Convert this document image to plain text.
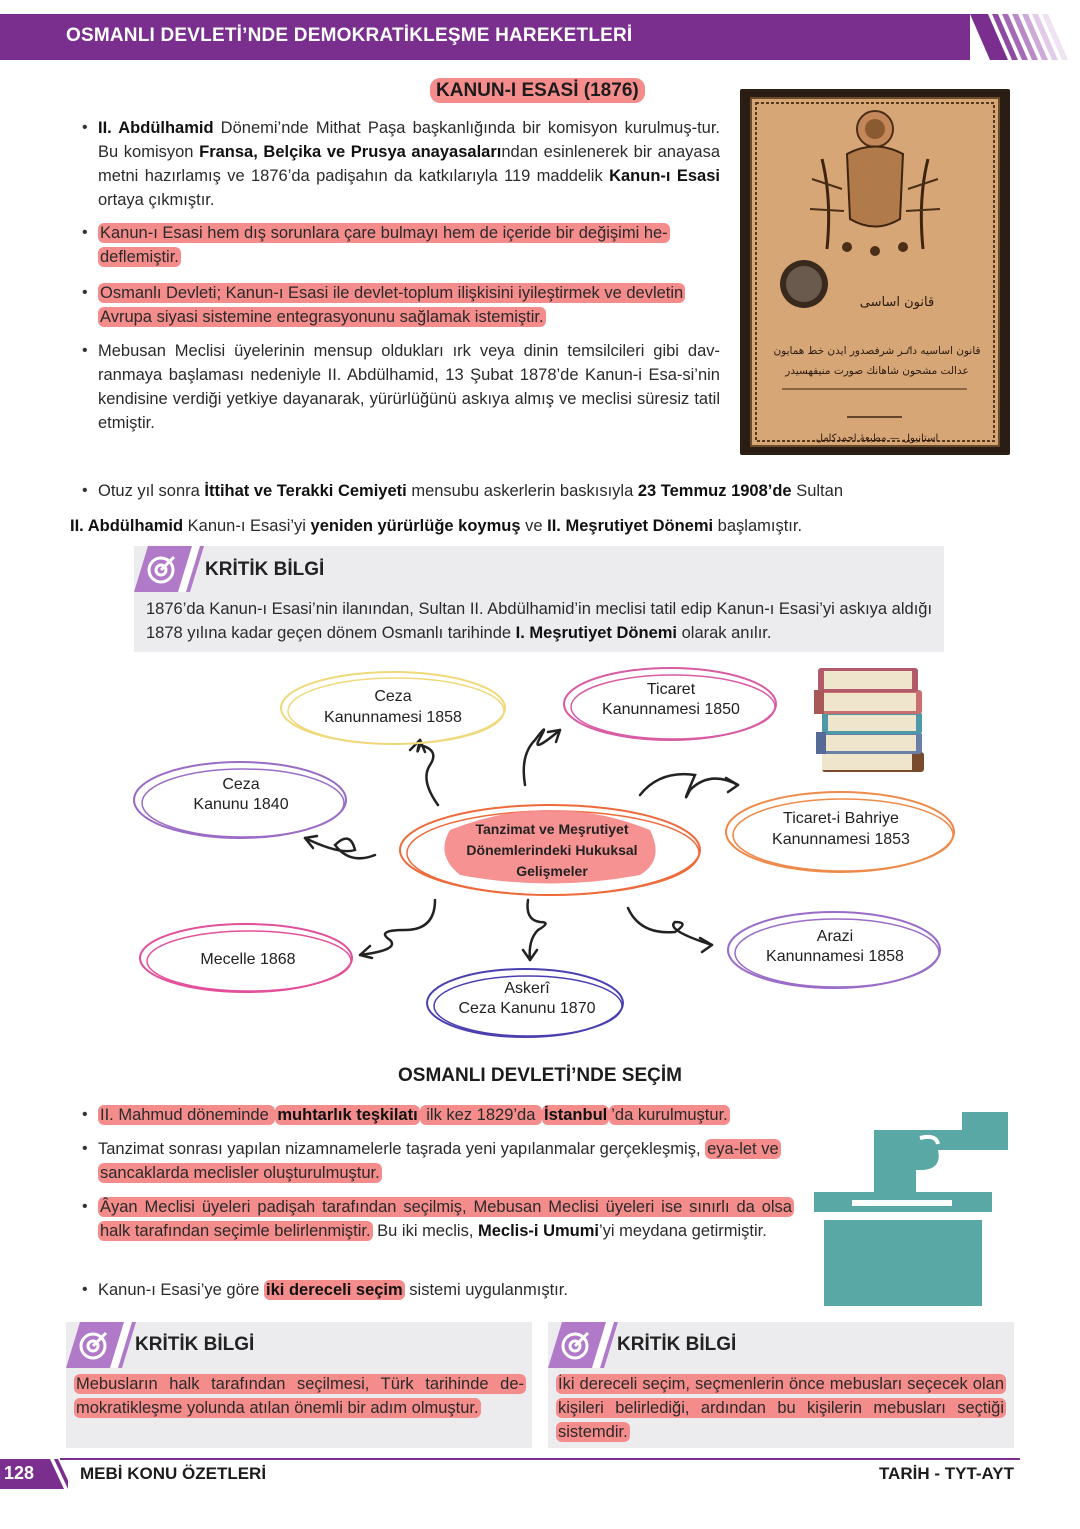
OSMANLI DEVLETİ’NDE DEMOKRATİKLEŞME HAREKETLERİ
KANUN-I ESASİ (1876)
• II. Abdülhamid Dönemi’nde Mithat Paşa başkanlığında bir komisyon kurulmuş-tur. Bu komisyon Fransa, Belçika ve Prusya anayasalarından esinlenerek bir anayasa metni hazırlamış ve 1876’da padişahın da katkılarıyla 119 maddelik Kanun-ı Esasi ortaya çıkmıştır.
• Kanun-ı Esasi hem dış sorunlara çare bulmayı hem de içeride bir değişimi he-deflemiştir.
• Osmanlı Devleti; Kanun-ı Esasi ile devlet-toplum ilişkisini iyileştirmek ve devletin Avrupa siyasi sistemine entegrasyonunu sağlamak istemiştir.
• Mebusan Meclisi üyelerinin mensup oldukları ırk veya dinin temsilcileri gibi dav-ranmaya başlaması nedeniyle II. Abdülhamid, 13 Şubat 1878’de Kanun-i Esa-si’nin kendisine verdiği yetkiye dayanarak, yürürlüğünü askıya almış ve meclisi süresiz tatil etmiştir.
• Otuz yıl sonra İttihat ve Terakki Cemiyeti mensubu askerlerin baskısıyla 23 Temmuz 1908’de Sultan
II. Abdülhamid Kanun-ı Esasi’yi yeniden yürürlüğe koymuş ve II. Meşrutiyet Dönemi başlamıştır.
قانون اساسى
قانون اساسيه داٸر شرفصدور ايدن خط همايون عدالت مشحون شاهانك صورت منيفهسيدر
استانبول — مطبعهٔ احمدكامل
KRİTİK BİLGİ
1876’da Kanun-ı Esasi’nin ilanından, Sultan II. Abdülhamid’in meclisi tatil edip Kanun-ı Esasi’yi askıya aldığı 1878 yılına kadar geçen dönem Osmanlı tarihinde I. Meşrutiyet Dönemi olarak anılır.
Tanzimat ve Meşrutiyet
Dönemlerindeki Hukuksal
Gelişmeler
Ceza
Kanunnamesi 1858
Ticaret
Kanunnamesi 1850
Ceza
Kanunu 1840
Ticaret-i Bahriye
Kanunnamesi 1853
Mecelle 1868
Askerî
Ceza Kanunu 1870
Arazi
Kanunnamesi 1858
OSMANLI DEVLETİ’NDE SEÇİM
• II. Mahmud döneminde muhtarlık teşkilatı ilk kez 1829’da İstanbul ’da kurulmuştur.
• Tanzimat sonrası yapılan nizamnamelerle taşrada yeni yapılanmalar gerçekleşmiş, eya-let ve sancaklarda meclisler oluşturulmuştur.
• Âyan Meclisi üyeleri padişah tarafından seçilmiş, Mebusan Meclisi üyeleri ise sınırlı da olsa halk tarafından seçimle belirlenmiştir. Bu iki meclis, Meclis-i Umumi’yi meydana getirmiştir.
• Kanun-ı Esasi’ye göre iki dereceli seçim sistemi uygulanmıştır.
KRİTİK BİLGİ
Mebusların halk tarafından seçilmesi, Türk tarihinde de-mokratikleşme yolunda atılan önemli bir adım olmuştur.
KRİTİK BİLGİ
İki dereceli seçim, seçmenlerin önce mebusları seçecek olan kişileri belirlediği, ardından bu kişilerin mebusları seçtiği sistemdir.
128	MEBİ KONU ÖZETLERİ	TARİH - TYT-AYT
